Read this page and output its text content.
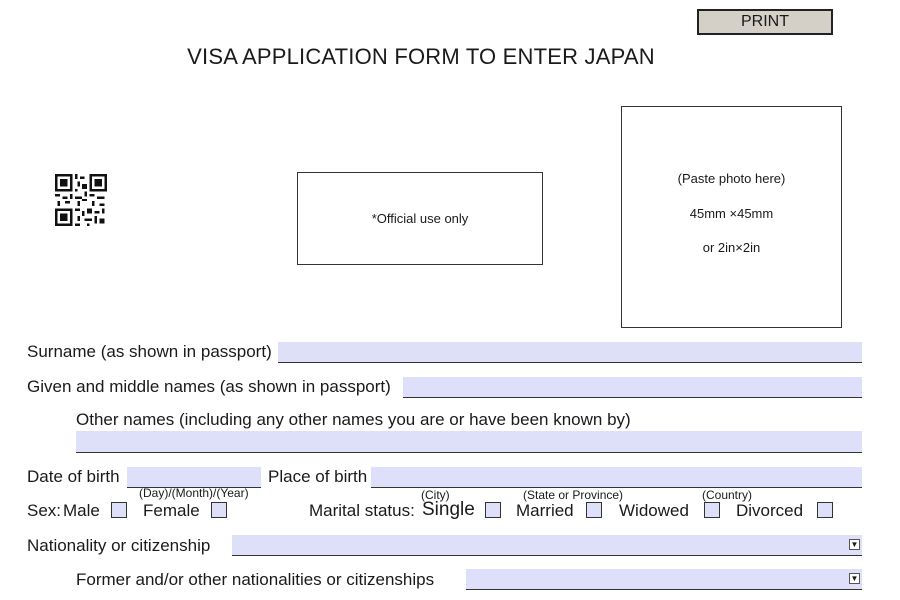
PRINT
VISA APPLICATION FORM TO ENTER JAPAN
*Official use only
(Paste photo here)
45mm ×45mm
or 2in×2in
Surname (as shown in passport)
Given and middle names (as shown in passport)
Other names (including any other names you are or have been known by)
Date of birth
(Day)/(Month)/(Year)
Place of birth
(City)	(State or Province)	(Country)
Sex: Male	Female	Marital status: Single Married	Widowed	Divorced
Nationality or citizenship	▼
Former and/or other nationalities or citizenships	▼
